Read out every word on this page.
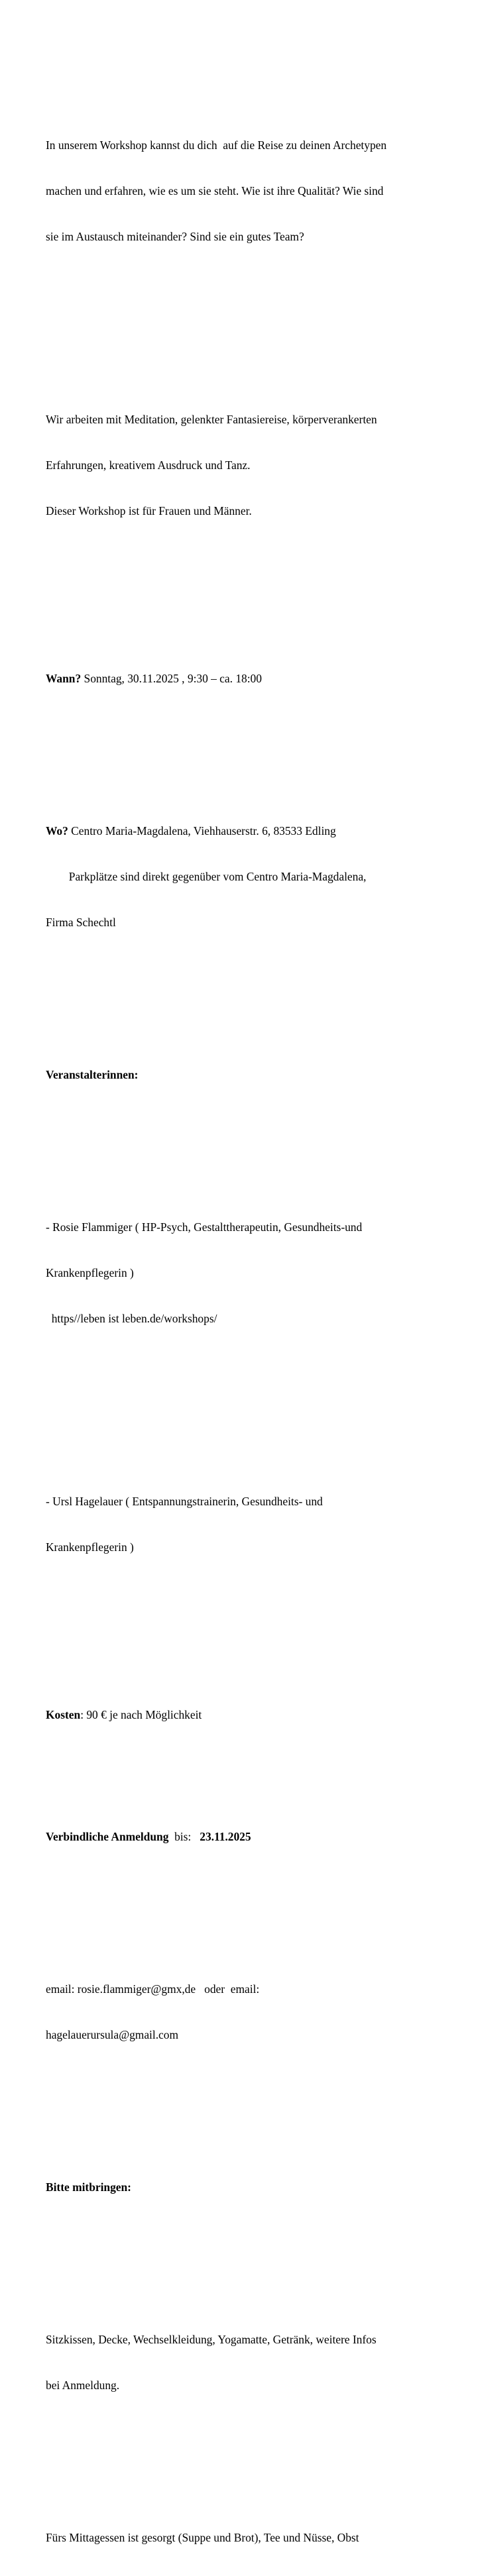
In unserem Workshop kannst du dich  auf die Reise zu deinen Archetypen

machen und erfahren, wie es um sie steht. Wie ist ihre Qualität? Wie sind

sie im Austausch miteinander? Sind sie ein gutes Team?

Wir arbeiten mit Meditation, gelenkter Fantasiereise, körperverankerten

Erfahrungen, kreativem Ausdruck und Tanz.

Dieser Workshop ist für Frauen und Männer.

Wann? Sonntag, 30.11.2025 , 9:30 – ca. 18:00

Wo? Centro Maria-Magdalena, Viehhauserstr. 6, 83533 Edling

Parkplätze sind direkt gegenüber vom Centro Maria-Magdalena,

Firma Schechtl

Veranstalterinnen:

- Rosie Flammiger ( HP-Psych, Gestalttherapeutin, Gesundheits-und

Krankenpflegerin )

https//leben ist leben.de/workshops/

- Ursl Hagelauer ( Entspannungstrainerin, Gesundheits- und

Krankenpflegerin )

Kosten: 90 € je nach Möglichkeit

Verbindliche Anmeldung  bis:   23.11.2025

email: rosie.flammiger@gmx,de   oder  email:

hagelauerursula@gmail.com

Bitte mitbringen:

Sitzkissen, Decke, Wechselkleidung, Yogamatte, Getränk, weitere Infos

bei Anmeldung.

Fürs Mittagessen ist gesorgt (Suppe und Brot), Tee und Nüsse, Obst
